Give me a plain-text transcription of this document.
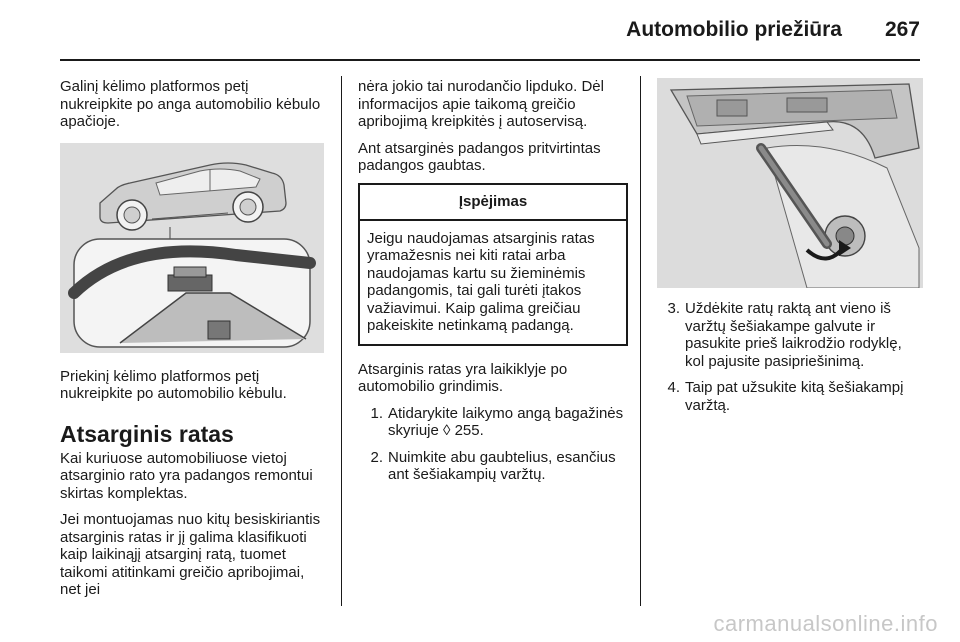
Automobilio priežiūra 267

Galinį kėlimo platformos petį nukreipkite po anga automobilio kėbulo apačioje.

Priekinį kėlimo platformos petį nukreipkite po automobilio kėbulu.

Atsarginis ratas

Kai kuriuose automobiliuose vietoj atsarginio rato yra padangos remontui skirtas komplektas.

Jei montuojamas nuo kitų besiskiriantis atsarginis ratas ir jį galima klasifikuoti kaip laikinąjį atsarginį ratą, tuomet taikomi atitinkami greičio apribojimai, net jei

nėra jokio tai nurodančio lipduko. Dėl informacijos apie taikomą greičio apribojimą kreipkitės į autoservisą.

Ant atsarginės padangos pritvirtintas padangos gaubtas.

Įspėjimas

Jeigu naudojamas atsarginis ratas yramažesnis nei kiti ratai arba naudojamas kartu su žieminėmis padangomis, tai gali turėti įtakos važiavimui. Kaip galima greičiau pakeiskite netinkamą padangą.

Atsarginis ratas yra laikiklyje po automobilio grindimis.

1. Atidarykite laikymo angą bagažinės skyriuje ◊ 255.
2. Nuimkite abu gaubtelius, esančius ant šešiakampių varžtų.
3. Uždėkite ratų raktą ant vieno iš varžtų šešiakampe galvute ir pasukite prieš laikrodžio rodyklę, kol pajusite pasipriešinimą.
4. Taip pat užsukite kitą šešiakampį varžtą.
carmanualsonline.info
